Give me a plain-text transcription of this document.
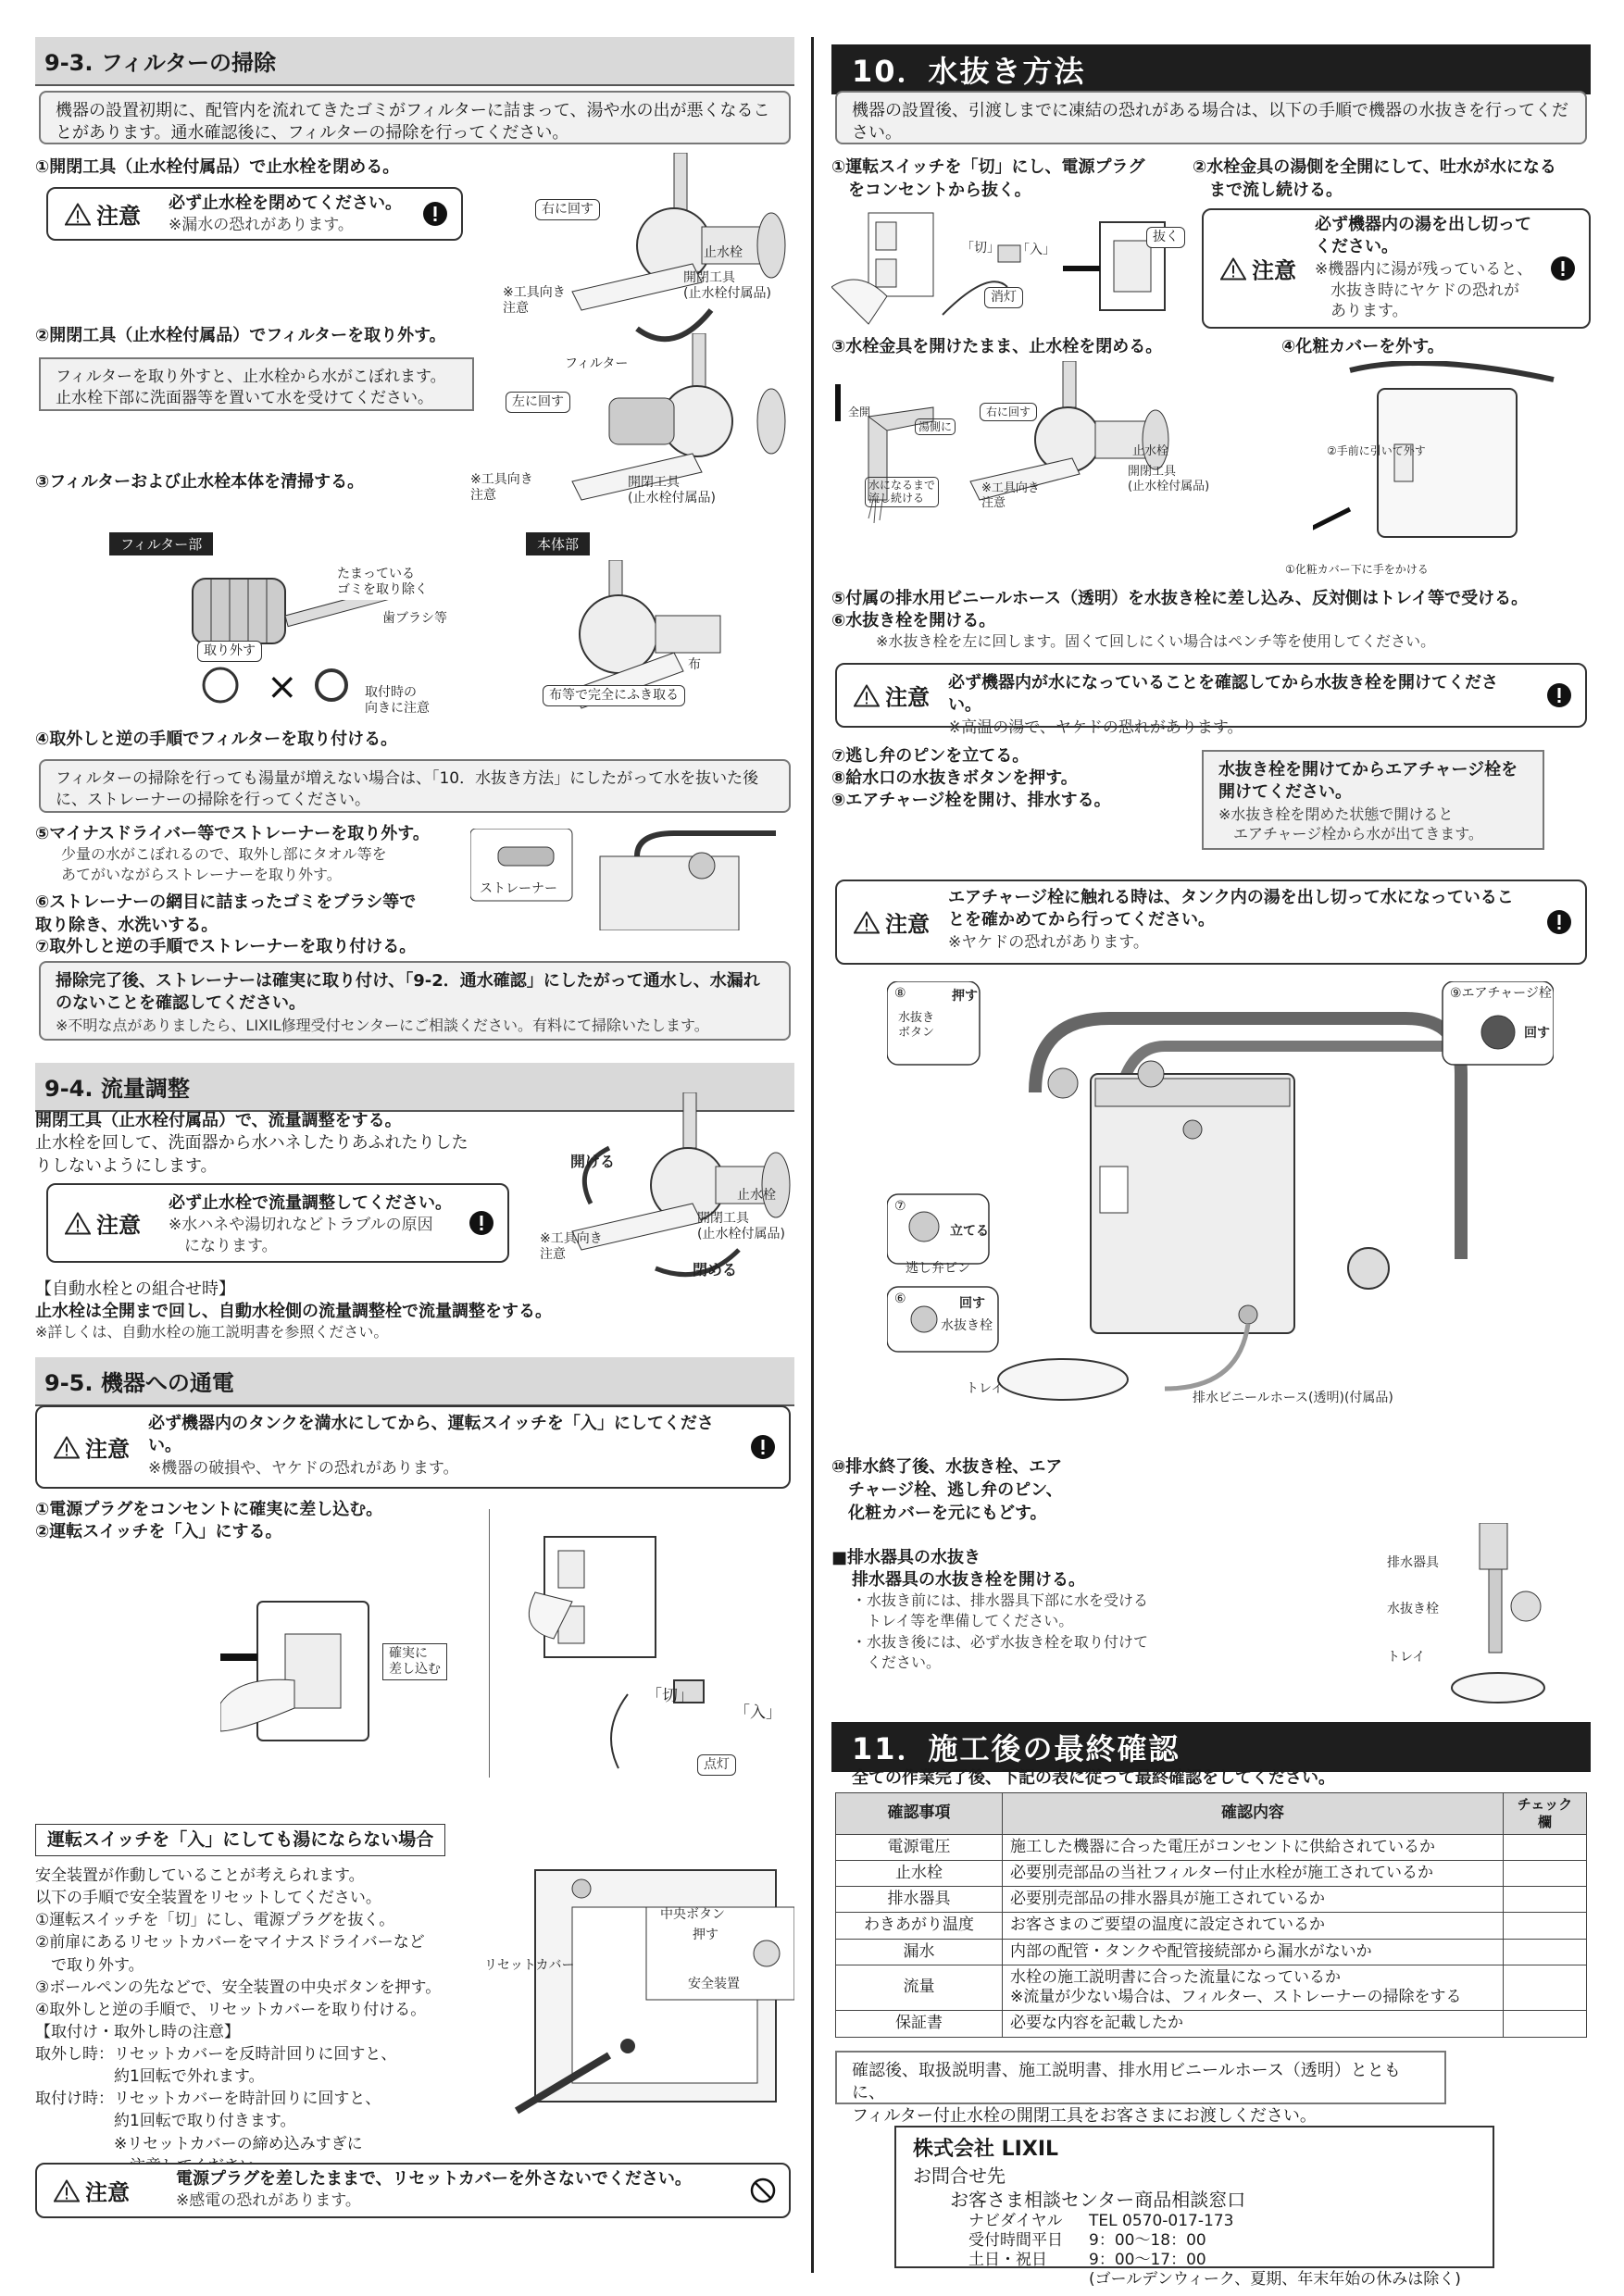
9-3. フィルターの掃除
機器の設置初期に、配管内を流れてきたゴミがフィルターに詰まって、湯や水の出が悪くなることがあります。通水確認後に、フィルターの掃除を行ってください。
①開閉工具（止水栓付属品）で止水栓を閉める。
注意 必ず止水栓を閉めてください。
※漏水の恐れがあります。
右に回す
止水栓
開閉工具
(止水栓付属品)
※工具向き
注意
②開閉工具（止水栓付属品）でフィルターを取り外す。
フィルターを取り外すと、止水栓から水がこぼれます。
止水栓下部に洗面器等を置いて水を受けてください。
フィルター
左に回す
開閉工具
(止水栓付属品)
※工具向き
注意
③フィルターおよび止水栓本体を清掃する。
フィルター部	本体部
×
たまっている
ゴミを取り除く
歯ブラシ等
取り外す
取付時の
向きに注意
布
布等で完全にふき取る
④取外しと逆の手順でフィルターを取り付ける。
フィルターの掃除を行っても湯量が増えない場合は、「10．水抜き方法」にしたがって水を抜いた後に、ストレーナーの掃除を行ってください。
⑤マイナスドライバー等でストレーナーを取り外す。
少量の水がこぼれるので、取外し部にタオル等を
あてがいながらストレーナーを取り外す。
⑥ストレーナーの網目に詰まったゴミをブラシ等で
取り除き、水洗いする。
⑦取外しと逆の手順でストレーナーを取り付ける。
ストレーナー
掃除完了後、ストレーナーは確実に取り付け、「9-2．通水確認」にしたがって通水し、水漏れのないことを確認してください。
※不明な点がありましたら、LIXIL修理受付センターにご相談ください。有料にて掃除いたします。
9-4. 流量調整
開閉工具（止水栓付属品）で、流量調整をする。
止水栓を回して、洗面器から水ハネしたりあふれたりした
りしないようにします。
注意
必ず止水栓で流量調整してください。
※水ハネや湯切れなどトラブルの原因
　になります。
開ける
止水栓
開閉工具
(止水栓付属品)
※工具向き
注意
閉める
【自動水栓との組合せ時】
止水栓は全開まで回し、自動水栓側の流量調整栓で流量調整をする。
※詳しくは、自動水栓の施工説明書を参照ください。
9-5. 機器への通電
注意
必ず機器内のタンクを満水にしてから、運転スイッチを「入」にしてください。
※機器の破損や、ヤケドの恐れがあります。
①電源プラグをコンセントに確実に差し込む。
②運転スイッチを「入」にする。
確実に
差し込む
「切」
「入」
点灯
運転スイッチを「入」にしても湯にならない場合
安全装置が作動していることが考えられます。
以下の手順で安全装置をリセットしてください。
①運転スイッチを「切」にし、電源プラグを抜く。
②前扉にあるリセットカバーをマイナスドライバーなど
　で取り外す。
③ボールペンの先などで、安全装置の中央ボタンを押す。
④取外しと逆の手順で、リセットカバーを取り付ける。
【取付け・取外し時の注意】
取外し時：リセットカバーを反時計回りに回すと、
　　　　　約1回転で外れます。
取付け時：リセットカバーを時計回りに回すと、
　　　　　約1回転で取り付きます。
　　　　　※リセットカバーの締め込みすぎに

中央ボタン
押す
リセットカバー
安全装置
注意
電源プラグを差したままで、リセットカバーを外さないでください。
※感電の恐れがあります。
10．水抜き方法
機器の設置後、引渡しまでに凍結の恐れがある場合は、以下の手順で機器の水抜きを行ってください。
①運転スイッチを「切」にし、電源プラグ
　をコンセントから抜く。
②水栓金具の湯側を全開にして、吐水が水になる
　まで流し続ける。
「切」 「入」
抜く
消灯
注意
必ず機器内の湯を出し切って
ください。
※機器内に湯が残っていると、
　水抜き時にヤケドの恐れが
　あります。
③水栓金具を開けたまま、止水栓を閉める。	④化粧カバーを外す。
全開
湯側に
水になるまで
流し続ける
右に回す
止水栓
開閉工具
(止水栓付属品)
※工具向き
注意
②手前に引いて外す
①化粧カバー下に手をかける
⑤付属の排水用ビニールホース（透明）を水抜き栓に差し込み、反対側はトレイ等で受ける。
⑥水抜き栓を開ける。
※水抜き栓を左に回します。固くて回しにくい場合はペンチ等を使用してください。
注意
必ず機器内が水になっていることを確認してから水抜き栓を開けてください。
※高温の湯で、ヤケドの恐れがあります。
⑦逃し弁のピンを立てる。
⑧給水口の水抜きボタンを押す。
⑨エアチャージ栓を開け、排水する。
水抜き栓を開けてからエアチャージ栓を開けてください。
※水抜き栓を閉めた状態で開けると
　エアチャージ栓から水が出てきます。
注意
エアチャージ栓に触れる時は、タンク内の湯を出し切って水になっていることを確かめてから行ってください。
※ヤケドの恐れがあります。
⑧
水抜き
ボタン
押す	⑨エアチャージ栓
回す
⑦
立てる
逃し弁ピン
⑥	回す
水抜き栓
トレイ
排水ビニールホース(透明)(付属品)
⑩排水終了後、水抜き栓、エア
　チャージ栓、逃し弁のピン、
　化粧カバーを元にもどす。
■排水器具の水抜き
排水器具の水抜き栓を開ける。
・水抜き前には、排水器具下部に水を受ける
　トレイ等を準備してください。
・水抜き後には、必ず水抜き栓を取り付けて
　ください。
排水器具
水抜き栓
トレイ
11．施工後の最終確認
全ての作業完了後、下記の表に従って最終確認をしてください。
確認事項	確認内容	チェック欄
電源電圧	施工した機器に合った電圧がコンセントに供給されているか	
止水栓	必要別売部品の当社フィルター付止水栓が施工されているか	
排水器具	必要別売部品の排水器具が施工されているか	
わきあがり温度	お客さまのご要望の温度に設定されているか	
漏水	内部の配管・タンクや配管接続部から漏水がないか	
流量	水栓の施工説明書に合った流量になっているか
※流量が少ない場合は、フィルター、ストレーナーの掃除をする	
保証書	必要な内容を記載したか	
確認後、取扱説明書、施工説明書、排水用ビニールホース（透明）とともに、
フィルター付止水栓の開閉工具をお客さまにお渡しください。
株式会社 LIXIL
お問合せ先
お客さま相談センター商品相談窓口
ナビダイヤル TEL 0570-017-173
受付時間平日 9：00～18：00
土日・祝日	9：00～17：00
(ゴールデンウィーク、夏期、年末年始の休みは除く)
